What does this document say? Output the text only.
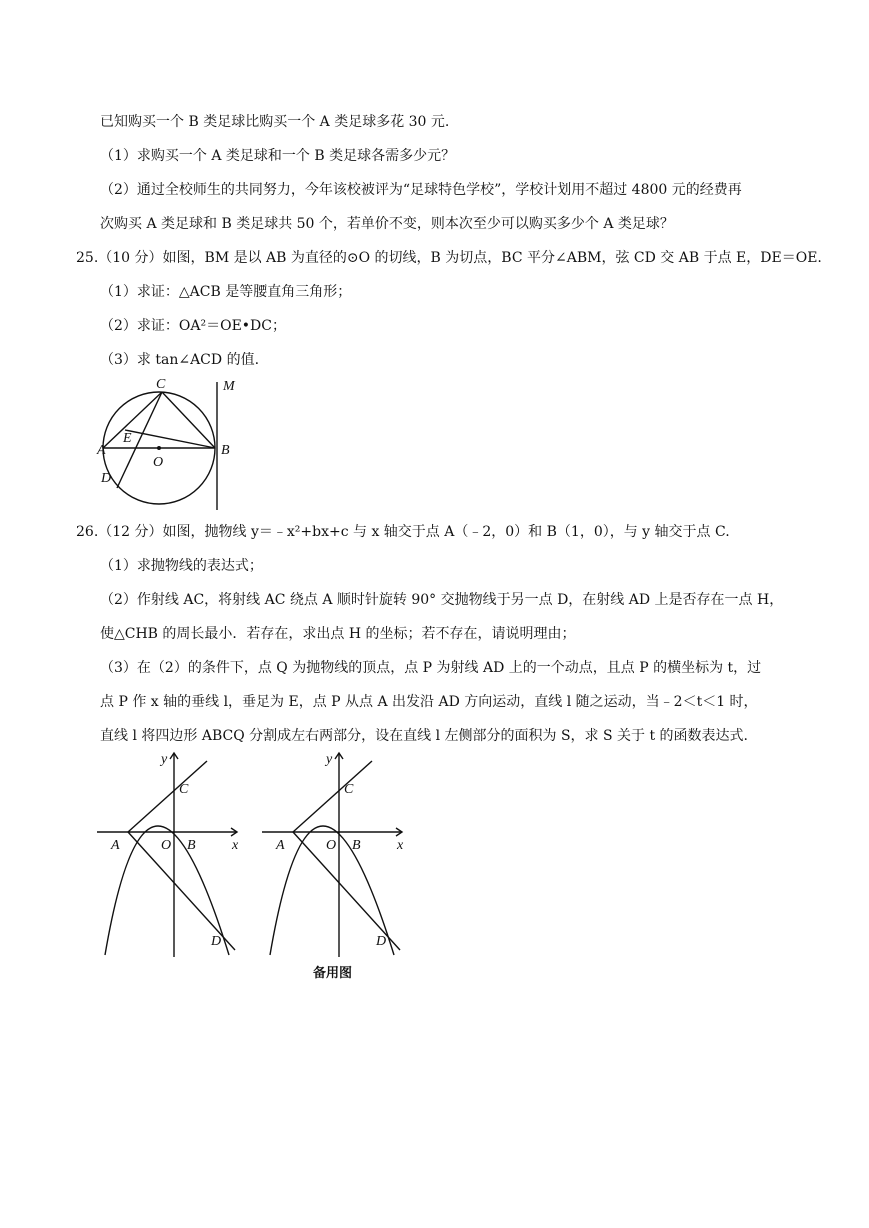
已知购买一个 B 类足球比购买一个 A 类足球多花 30 元.
（1）求购买一个 A 类足球和一个 B 类足球各需多少元？
（2）通过全校师生的共同努力，今年该校被评为“足球特色学校”，学校计划用不超过 4800 元的经费再
次购买 A 类足球和 B 类足球共 50 个，若单价不变，则本次至少可以购买多少个 A 类足球？
25.（10 分）如图，BM 是以 AB 为直径的⊙O 的切线，B 为切点，BC 平分∠ABM，弦 CD 交 AB 于点 E，DE＝OE.
（1）求证：△ACB 是等腰直角三角形；
（2）求证：OA²＝OE•DC；
（3）求 tan∠ACD 的值.
C	M
A
E
O
B
D
26.（12 分）如图，抛物线 y＝﹣x²+bx+c 与 x 轴交于点 A（﹣2，0）和 B（1，0），与 y 轴交于点 C.
（1）求抛物线的表达式；
（2）作射线 AC，将射线 AC 绕点 A 顺时针旋转 90° 交抛物线于另一点 D，在射线 AD 上是否存在一点 H，
使△CHB 的周长最小．若存在，求出点 H 的坐标；若不存在，请说明理由；
（3）在（2）的条件下，点 Q 为抛物线的顶点，点 P 为射线 AD 上的一个动点，且点 P 的横坐标为 t，过
点 P 作 x 轴的垂线 l，垂足为 E，点 P 从点 A 出发沿 AD 方向运动，直线 l 随之运动，当﹣2＜t＜1 时，
直线 l 将四边形 ABCQ 分割成左右两部分，设在直线 l 左侧部分的面积为 S，求 S 关于 t 的函数表达式.
y
C
A	O B	x
D
y
C
A	O B	x
D
备用图
